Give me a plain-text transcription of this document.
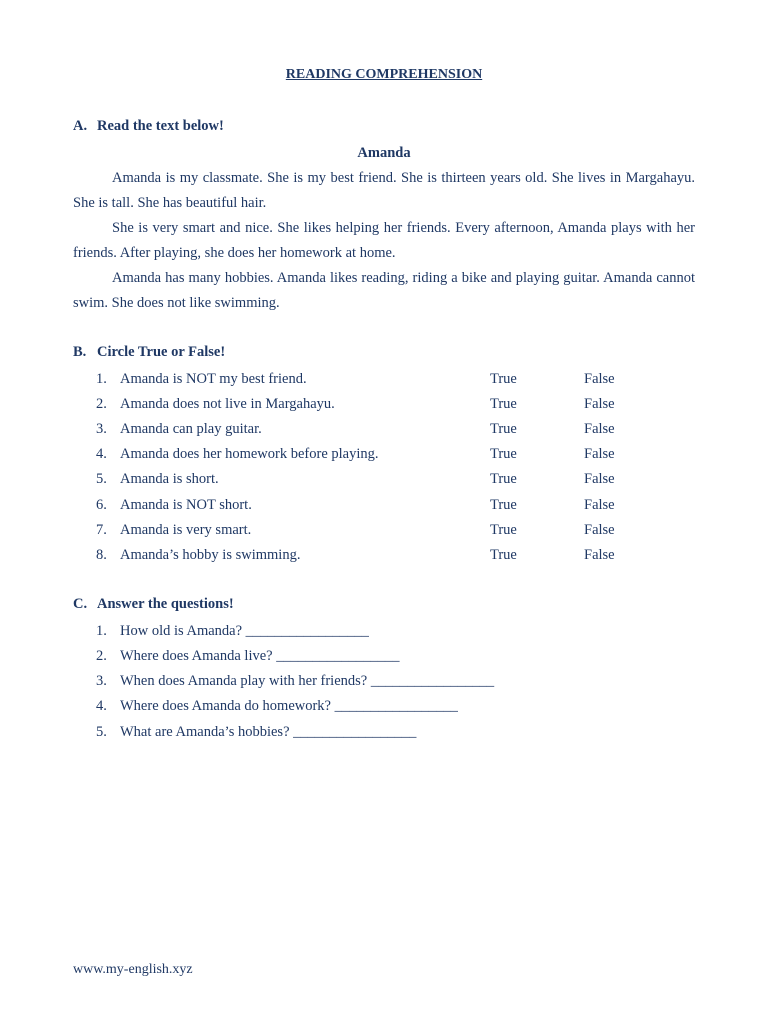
READING COMPREHENSION
A. Read the text below!
Amanda
Amanda is my classmate. She is my best friend. She is thirteen years old. She lives in Margahayu. She is tall. She has beautiful hair.
She is very smart and nice. She likes helping her friends. Every afternoon, Amanda plays with her friends. After playing, she does her homework at home.
Amanda has many hobbies. Amanda likes reading, riding a bike and playing guitar. Amanda cannot swim. She does not like swimming.
B. Circle True or False!
1. Amanda is NOT my best friend.	True	False
2. Amanda does not live in Margahayu.	True	False
3. Amanda can play guitar.	True	False
4. Amanda does her homework before playing.	True	False
5. Amanda is short.	True	False
6. Amanda is NOT short.	True	False
7. Amanda is very smart.	True	False
8. Amanda’s hobby is swimming.	True	False
C. Answer the questions!
1. How old is Amanda? _________________
2. Where does Amanda live? _________________
3. When does Amanda play with her friends? _________________
4. Where does Amanda do homework? _________________
5. What are Amanda’s hobbies? _________________
www.my-english.xyz
